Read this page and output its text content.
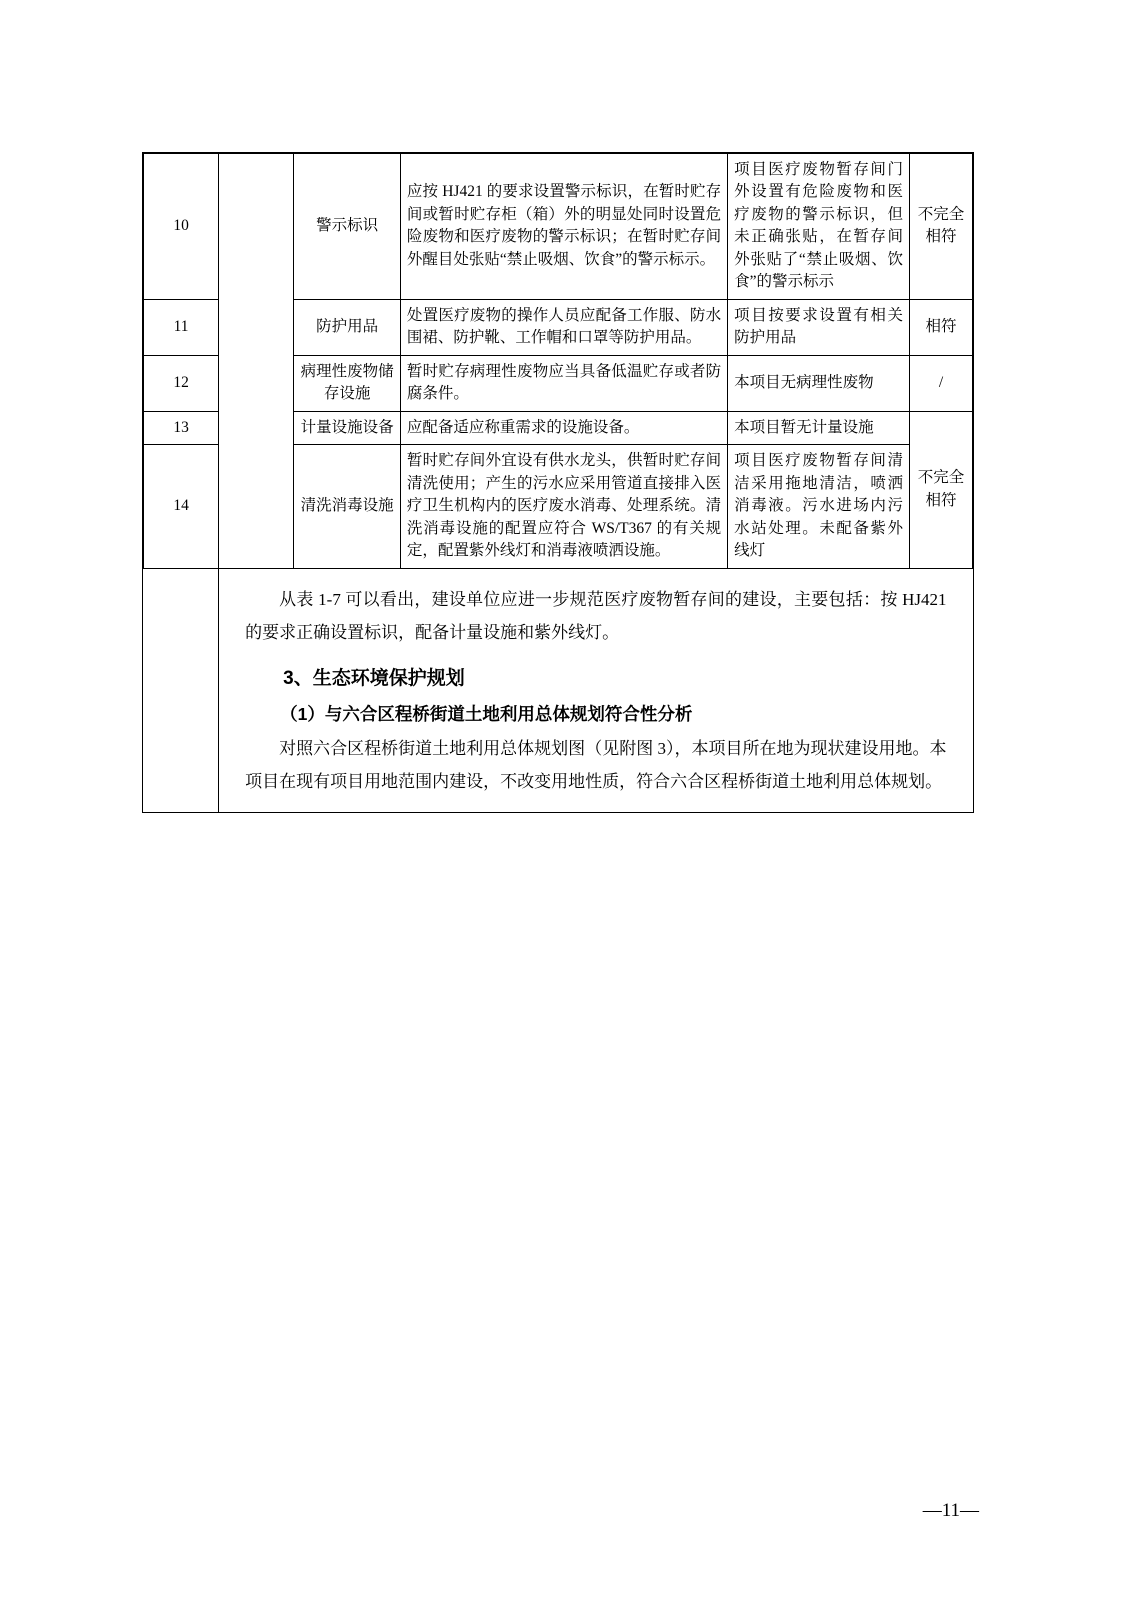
10		警示标识	应按 HJ421 的要求设置警示标识，在暂时贮存间或暂时贮存柜（箱）外的明显处同时设置危险废物和医疗废物的警示标识；在暂时贮存间外醒目处张贴“禁止吸烟、饮食”的警示标示。	项目医疗废物暂存间门外设置有危险废物和医疗废物的警示标识，但未正确张贴，在暂存间外张贴了“禁止吸烟、饮食”的警示标示	不完全相符
11		防护用品	处置医疗废物的操作人员应配备工作服、防水围裙、防护靴、工作帽和口罩等防护用品。	项目按要求设置有相关防护用品	相符
12		病理性废物储存设施	暂时贮存病理性废物应当具备低温贮存或者防腐条件。	本项目无病理性废物	/
13		计量设施设备	应配备适应称重需求的设施设备。	本项目暂无计量设施	不完全相符
14		清洗消毒设施	暂时贮存间外宜设有供水龙头，供暂时贮存间清洗使用；产生的污水应采用管道直接排入医疗卫生机构内的医疗废水消毒、处理系统。清洗消毒设施的配置应符合 WS/T367 的有关规定，配置紫外线灯和消毒液喷洒设施。	项目医疗废物暂存间清洁采用拖地清洁，喷洒消毒液。污水进场内污水站处理。未配备紫外线灯	

从表 1-7 可以看出，建设单位应进一步规范医疗废物暂存间的建设，主要包括：按 HJ421 的要求正确设置标识，配备计量设施和紫外线灯。

3、生态环境保护规划
（1）与六合区程桥街道土地利用总体规划符合性分析

对照六合区程桥街道土地利用总体规划图（见附图 3），本项目所在地为现状建设用地。本项目在现有项目用地范围内建设，不改变用地性质，符合六合区程桥街道土地利用总体规划。

—11—
